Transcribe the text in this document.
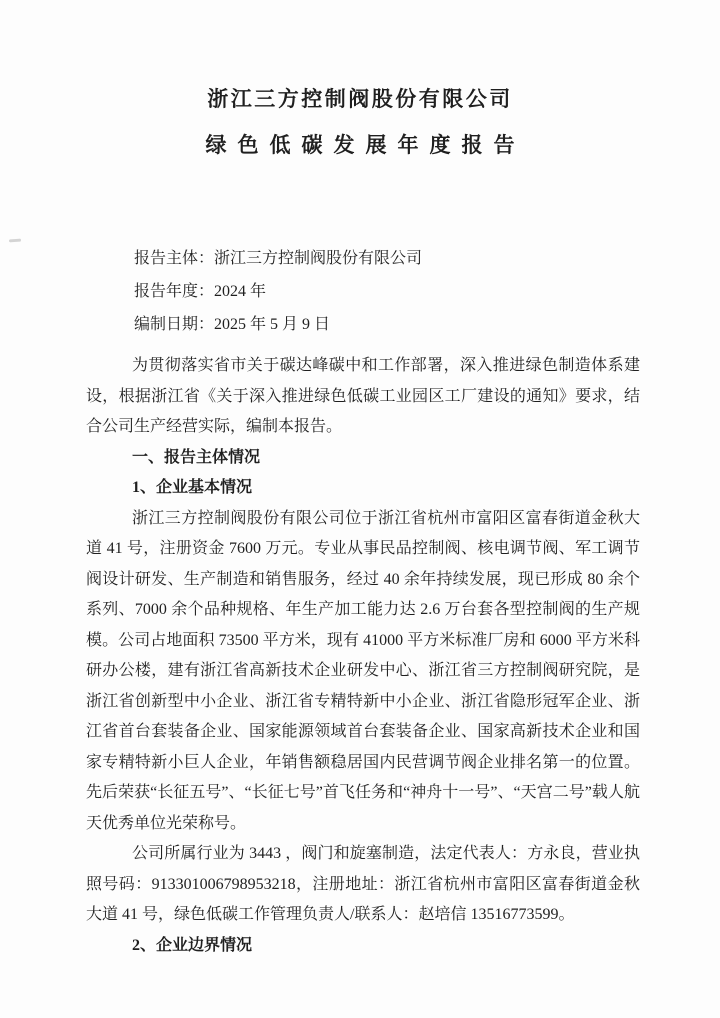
浙江三方控制阀股份有限公司
绿色低碳发展年度报告
报告主体：浙江三方控制阀股份有限公司
报告年度：2024 年
编制日期：2025 年 5 月 9 日

为贯彻落实省市关于碳达峰碳中和工作部署，深入推进绿色制造体系建设，根据浙江省《关于深入推进绿色低碳工业园区工厂建设的通知》要求，结合公司生产经营实际，编制本报告。

一、报告主体情况

1、企业基本情况

浙江三方控制阀股份有限公司位于浙江省杭州市富阳区富春街道金秋大道 41 号，注册资金 7600 万元。专业从事民品控制阀、核电调节阀、军工调节阀设计研发、生产制造和销售服务，经过 40 余年持续发展，现已形成 80 余个系列、7000 余个品种规格、年生产加工能力达 2.6 万台套各型控制阀的生产规模。公司占地面积 73500 平方米，现有 41000 平方米标准厂房和 6000 平方米科研办公楼，建有浙江省高新技术企业研发中心、浙江省三方控制阀研究院，是浙江省创新型中小企业、浙江省专精特新中小企业、浙江省隐形冠军企业、浙江省首台套装备企业、国家能源领域首台套装备企业、国家高新技术企业和国家专精特新小巨人企业，年销售额稳居国内民营调节阀企业排名第一的位置。先后荣获“长征五号”、“长征七号”首飞任务和“神舟十一号”、“天宫二号”载人航天优秀单位光荣称号。

公司所属行业为 3443 ，阀门和旋塞制造，法定代表人：方永良，营业执照号码：913301006798953218，注册地址：浙江省杭州市富阳区富春街道金秋大道 41 号，绿色低碳工作管理负责人/联系人：赵培信 13516773599。

2、企业边界情况
